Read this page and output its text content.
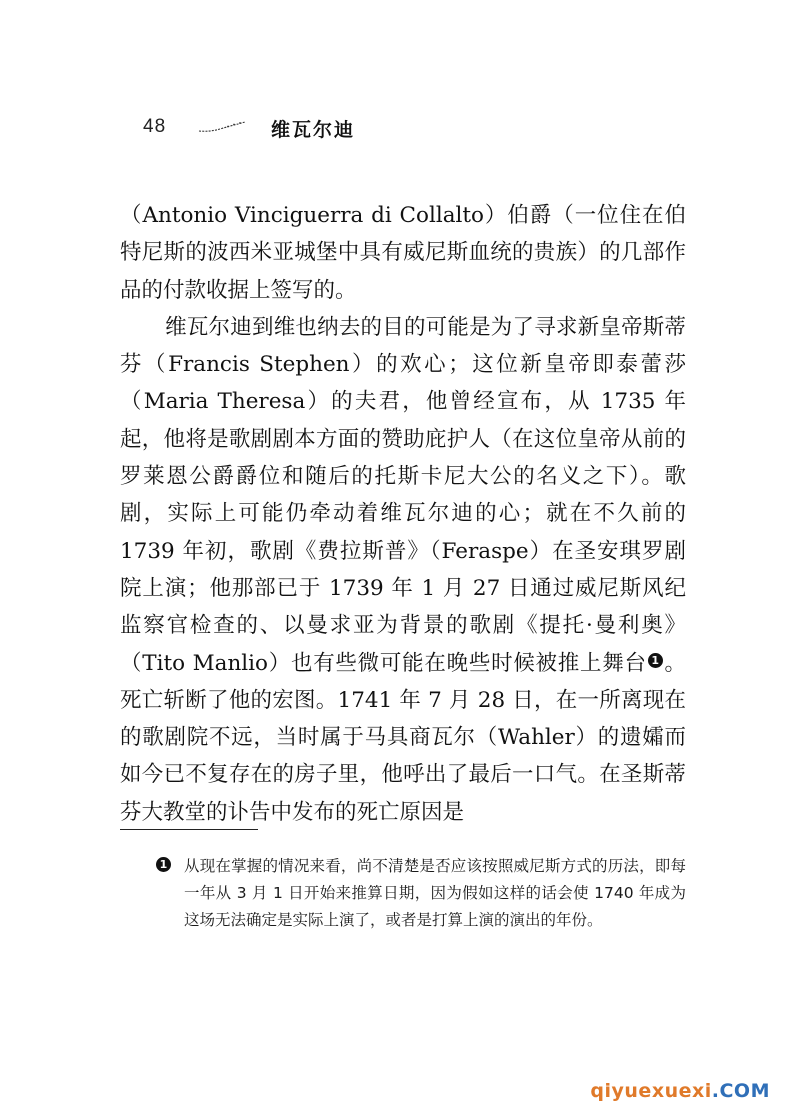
48	维瓦尔迪

（Antonio Vinciguerra di Collalto）伯爵（一位住在伯特尼斯的波西米亚城堡中具有威尼斯血统的贵族）的几部作品的付款收据上签写的。

维瓦尔迪到维也纳去的目的可能是为了寻求新皇帝斯蒂芬（Francis Stephen）的欢心；这位新皇帝即泰蕾莎（Maria Theresa）的夫君，他曾经宣布，从 1735 年起，他将是歌剧剧本方面的赞助庇护人（在这位皇帝从前的罗莱恩公爵爵位和随后的托斯卡尼大公的名义之下）。歌剧，实际上可能仍牵动着维瓦尔迪的心；就在不久前的 1739 年初，歌剧《费拉斯普》（Feraspe）在圣安琪罗剧院上演；他那部已于 1739 年 1 月 27 日通过威尼斯风纪监察官检查的、以曼求亚为背景的歌剧《提托·曼利奥》（Tito Manlio）也有些微可能在晚些时候被推上舞台 1 。死亡斩断了他的宏图。1741 年 7 月 28 日，在一所离现在的歌剧院不远，当时属于马具商瓦尔（Wahler）的遗孀而如今已不复存在的房子里，他呼出了最后一口气。在圣斯蒂芬大教堂的讣告中发布的死亡原因是

1 从现在掌握的情况来看，尚不清楚是否应该按照威尼斯方式的历法，即每一年从 3 月 1 日开始来推算日期，因为假如这样的话会使 1740 年成为这场无法确定是实际上演了，或者是打算上演的演出的年份。
qiyuexuexi.COM
